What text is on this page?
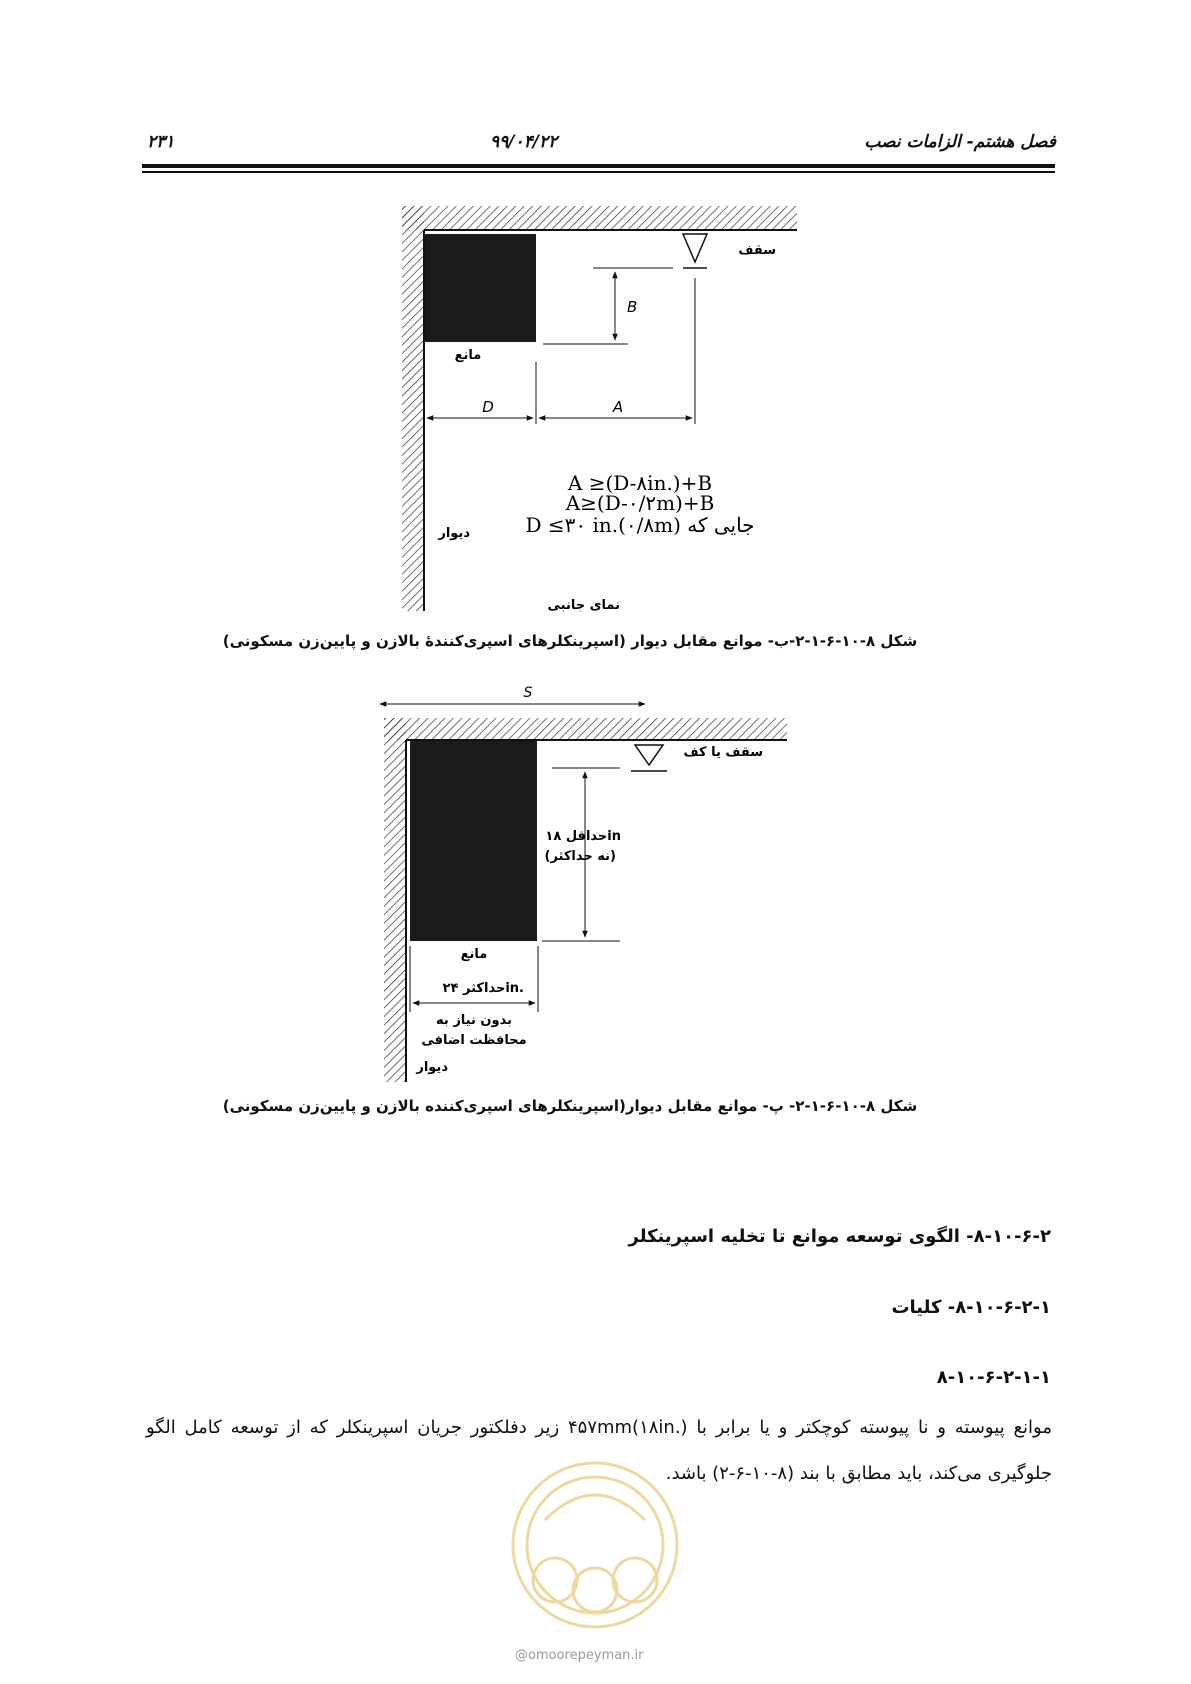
۲۳۱	۹۹/۰۴/۲۲	فصل هشتم- الزامات نصب
سقف
مانع
B
D	A
A ≥(D-۸in.)+B
A≥(D-۰/۲m)+B
جایی که D ≤۳۰ in.(۰/۸m)
دیوار
نمای جانبی
شکل ۸-۱۰-۶-۱-۲-ب- موانع مقابل دیوار (اسپرینکلرهای اسپری‌کنندهٔ بالازن و پایین‌زن مسکونی)
S
سقف یا کف
حداقل ۱۸in
(نه حداکثر)
مانع
حداکثر ۲۴in.
بدون نیاز به
محافظت اضافی
دیوار
شکل ۸-۱۰-۶-۱-۲- پ- موانع مقابل دیوار(اسپرینکلرهای اسپری‌کننده بالازن و پایین‌زن مسکونی)
۸-۱۰-۶-۲- الگوی توسعه موانع تا تخلیه اسپرینکلر
۸-۱۰-۶-۲-۱- کلیات
۸-۱۰-۶-۲-۱-۱
موانع پیوسته و نا پیوسته کوچکتر و یا برابر با ۴۵۷mm(۱۸in.) زیر دفلکتور جریان اسپرینکلر که از توسعه کامل الگو جلوگیری می‌کند، باید مطابق با بند (۸-۱۰-۶-۲) باشد.
@omoorepeyman.ir
